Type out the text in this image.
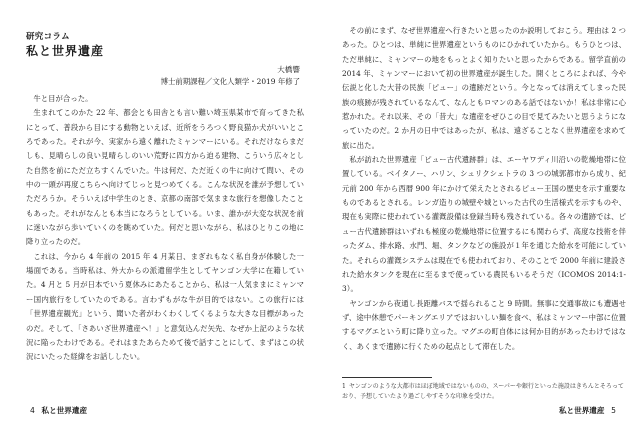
研究コラム
私と世界遺産
大橋響
博士前期課程／文化人類学・2019 年修了

牛と目が合った。

生まれてこのかた 22 年、都会とも田舎とも言い難い埼玉県某市で育ってきた私にとって、普段から目にする動物といえば、近所をうろつく野良猫か犬がいいところであった。それが今、実家から遠く離れたミャンマーにいる。それだけならまだしも、見晴らしの良い見晴らしのいい荒野に四方から迫る建物、こういう広々とした自然を前にただ立ちすくんでいた。牛は何だ、ただ近くの牛に向けて問い、その中の一頭が再度こちらへ向けてじっと見つめてくる。こんな状況を誰が予想していただろうか。そういえば中学生のとき、京都の南部で気ままな旅行を想像したこともあった。それがなんとも本当になろうとしている。いま、誰かが大変な状況を前に迷いながら歩いていくのを眺めていた。何だと思いながら、私はひとりこの地に降り立ったのだ。

これは、今から 4 年前の 2015 年 4 月某日、まぎれもなく私自身が体験した一場面である。当時私は、外大からの派遣留学生としてヤンゴン大学に在籍していた。4 月と 5 月が日本でいう夏休みにあたることから、私は一人気ままにミャンマー国内旅行をしていたのである。言わずもがな牛が目的ではない。この旅行には「世界遺産観光」という、聞いた者がわくわくしてくるような大きな目標があったのだ。そして、「さあいざ世界遺産へ！」と意気込んだ矢先、なぜか上記のような状況に陥ったわけである。それはまたあらためて後で話すことにして、まずはこの状況にいたった経緯をお話ししたい。

4 私と世界遺産

その前にまず、なぜ世界遺産へ行きたいと思ったのか説明しておこう。理由は 2 つあった。ひとつは、単純に世界遺産というものにひかれていたから。もうひとつは、ただ単純に、ミャンマーの地をもっとよく知りたいと思ったからである。留学直前の 2014 年、ミャンマーにおいて初の世界遺産が誕生した。開くところによれば、今や伝説と化した大昔の民族「ピュー」の遺跡だという。今となっては消えてしまった民族の痕跡が残されているなんて、なんともロマンのある話ではないか！私は非常に心惹かれた。それ以来、その「昔大」な遺産をぜひこの目で見てみたいと思うようになっていたのだ。2 か月の日中ではあったが、私は、遠ざることなく世界遺産を求めて旅に出た。

私が訪れた世界遺産「ピュー古代遺跡群」は、エーヤワディ川沿いの乾燥地帯に位置している。ベイタノー、ハリン、シュリクシェトラの 3 つの城郭都市から成り、紀元前 200 年から西暦 900 年にかけて栄えたとされるピュー王国の歴史を示す重要なものであるとされる。レンガ造りの城壁や城といった古代の生活様式を示すものや、現在も実際に使われている灌漑設備は登録当時も残されている。各々の遺跡では、ピュー古代遺跡群はいずれも極度の乾燥地帯に位置するにも関わらず、高度な技術を伴ったダム、排水路、水門、堀、タンクなどの施設が１年を通じた給水を可能にしていた。それらの灌漑システムは現在でも使われており、そのことで 2000 年前に建設された給水タンクを現在に至るまで使っている農民もいるそうだ（ICOMOS 2014:1-3）。

ヤンゴンから夜通し長距離バスで揺られること 9 時間。無事に交通事故にも遭遇せず、途中休憩でパーキングエリアではおいしい麺を食べ、私はミャンマー中部に位置するマグエという町に降り立った。マグエの町自体には何か目的があったわけではなく、あくまで遺跡に行くための起点として滞在した。

1 ヤンゴンのような大都市はほぼ地域ではないものの、スーパーや銀行といった施設はきちんとそろっており、予想していたより過ごしやすそうな印象を受けた。
私と世界遺産 5
